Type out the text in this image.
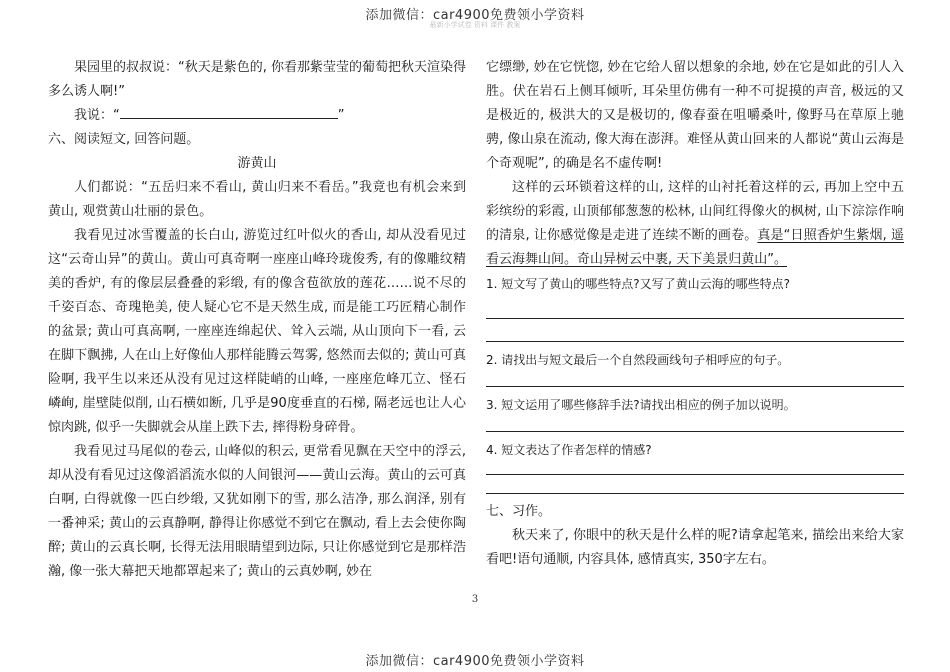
添加微信：car4900免费领小学资料
最新小学试卷 资料 课件 教案

果园里的叔叔说：“秋天是紫色的, 你看那紫莹莹的葡萄把秋天渲染得多么诱人啊!”

我说：“	”

六、阅读短文, 回答问题。

游黄山

人们都说：“五岳归来不看山, 黄山归来不看岳。”我竟也有机会来到黄山, 观赏黄山壮丽的景色。

我看见过冰雪覆盖的长白山, 游览过红叶似火的香山, 却从没看见过这“云奇山异”的黄山。黄山可真奇啊一座座山峰玲珑俊秀, 有的像雕纹精美的香炉, 有的像层层叠叠的彩缎, 有的像含苞欲放的莲花……说不尽的千姿百态、奇瑰艳美, 使人疑心它不是天然生成, 而是能工巧匠精心制作的盆景; 黄山可真高啊, 一座座连绵起伏、耸入云端, 从山顶向下一看, 云在脚下飘拂, 人在山上好像仙人那样能腾云驾雾, 悠然而去似的; 黄山可真险啊, 我平生以来还从没有见过这样陡峭的山峰, 一座座危峰兀立、怪石嶙峋, 崖壁陡似削, 山石横如断, 几乎是90度垂直的石梯, 隔老远也让人心惊肉跳, 似乎一失脚就会从崖上跌下去, 摔得粉身碎骨。

我看见过马尾似的卷云, 山峰似的积云, 更常看见飘在天空中的浮云, 却从没有看见过这像滔滔流水似的人间银河——黄山云海。黄山的云可真白啊, 白得就像一匹白纱缎, 又犹如刚下的雪, 那么洁净, 那么润泽, 别有一番神采; 黄山的云真静啊, 静得让你感觉不到它在飘动, 看上去会使你陶醉; 黄山的云真长啊, 长得无法用眼睛望到边际, 只让你感觉到它是那样浩瀚, 像一张大幕把天地都罩起来了; 黄山的云真妙啊, 妙在

它缥缈, 妙在它恍惚, 妙在它给人留以想象的余地, 妙在它是如此的引人入胜。伏在岩石上侧耳倾听, 耳朵里仿佛有一种不可捉摸的声音, 极远的又是极近的, 极洪大的又是极切的, 像春蚕在咀嚼桑叶, 像野马在草原上驰骋, 像山泉在流动, 像大海在澎湃。难怪从黄山回来的人都说“黄山云海是个奇观呢”, 的确是名不虚传啊!

这样的云环锁着这样的山, 这样的山衬托着这样的云, 再加上空中五彩缤纷的彩霞, 山顶郁郁葱葱的松林, 山间红得像火的枫树, 山下淙淙作响的清泉, 让你感觉像是走进了连续不断的画卷。真是“日照香炉生紫烟, 遥看云海舞山间。奇山异树云中裹, 天下美景归黄山”。

1. 短文写了黄山的哪些特点?又写了黄山云海的哪些特点?

2. 请找出与短文最后一个自然段画线句子相呼应的句子。

3. 短文运用了哪些修辞手法?请找出相应的例子加以说明。

4. 短文表达了作者怎样的情感?

七、习作。

秋天来了, 你眼中的秋天是什么样的呢?请拿起笔来, 描绘出来给大家看吧!语句通顺, 内容具体, 感情真实, 350字左右。

3
添加微信：car4900免费领小学资料
